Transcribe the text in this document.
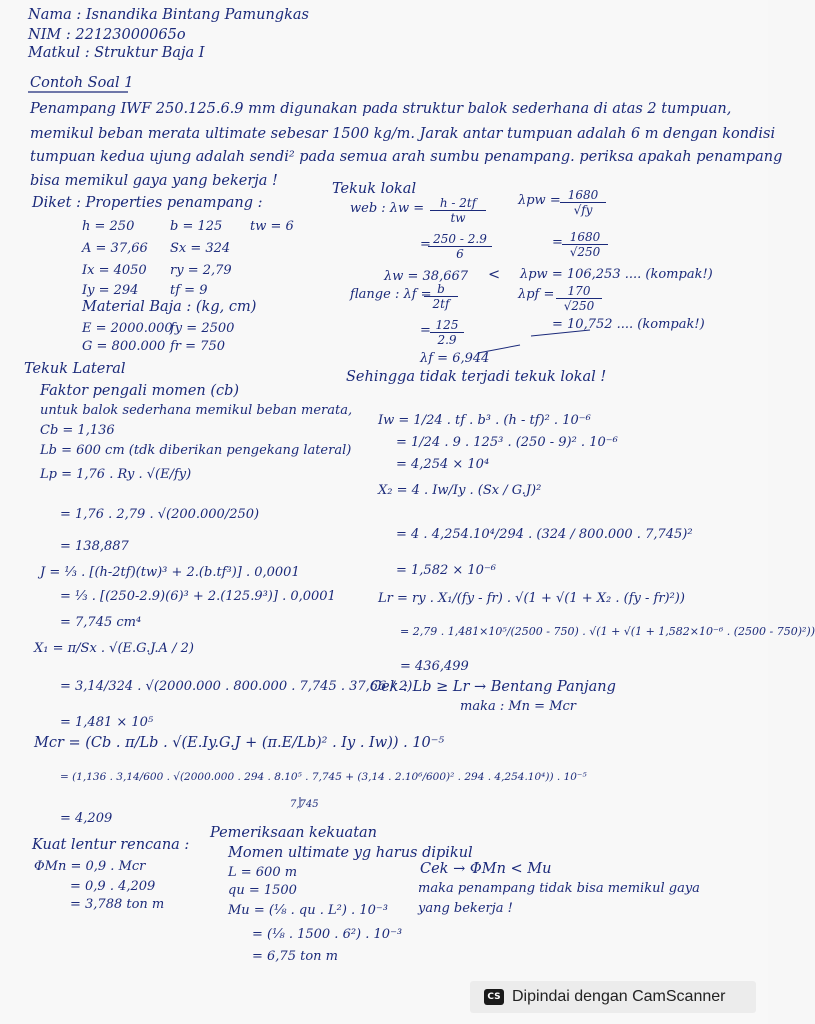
Nama : Isnandika Bintang Pamungkas
NIM : 22123000065o
Matkul : Struktur Baja I
Contoh Soal 1
Penampang IWF 250.125.6.9 mm digunakan pada struktur balok sederhana di atas 2 tumpuan,
memikul beban merata ultimate sebesar 1500 kg/m. Jarak antar tumpuan adalah 6 m dengan kondisi
tumpuan kedua ujung adalah sendi² pada semua arah sumbu penampang. periksa apakah penampang
bisa memikul gaya yang bekerja !
Diket : Properties penampang :
h = 250	b = 125 tw = 6
A = 37,66 Sx = 324
Ix = 4050 ry = 2,79
Iy = 294 tf = 9
Material Baja : (kg, cm)
E = 2000.000
fy = 2500
G = 800.000 fr = 750
Tekuk lokal
web : $\lambda w = \frac{h - 2tf}{tw}$
=
$\frac{250 - 2.9}{6}$
λw = 38,667 <
$\lambda pw = \frac{1680}{√fy}$
= $\frac{1680}{√250}$
λpw = 106,253 .... (kompak!)
flange : λf =
$\frac{b}{2tf}$
= $\frac{125}{2.9}$
λf = 6,944
$\lambda pf = \frac{170}{√250}$
= 10,752 .... (kompak!)
Sehingga tidak terjadi tekuk lokal !
Tekuk Lateral
Faktor pengali momen (cb)
untuk balok sederhana memikul beban merata,
Cb = 1,136
Lb = 600 cm (tdk diberikan pengekang lateral)
Lp = 1,76 . Ry . √(E/fy)
= 1,76 . 2,79 . √(200.000/250)
= 138,887
J = ⅓ . [(h-2tf)(tw)³ + 2.(b.tf³)] . 0,0001
= ⅓ . [(250-2.9)(6)³ + 2.(125.9³)] . 0,0001
= 7,745 cm⁴
X₁ = π/Sx . √(E.G.J.A / 2)
= 3,14/324 . √(2000.000 . 800.000 . 7,745 . 37,66 / 2)
= 1,481 × 10⁵
Iw = 1/24 . tf . b³ . (h - tf)² . 10⁻⁶
= 1/24 . 9 . 125³ . (250 - 9)² . 10⁻⁶
= 4,254 × 10⁴
X₂ = 4 . Iw/Iy . (Sx / G.J)²
= 4 . 4,254.10⁴/294 . (324 / 800.000 . 7,745)²
= 1,582 × 10⁻⁶
Lr = ry . X₁/(fy - fr) . √(1 + √(1 + X₂ . (fy - fr)²))
= 2,79 . 1,481×10⁵/(2500 - 750) . √(1 + √(1 + 1,582×10⁻⁶ . (2500 - 750)²))
= 436,499
Cek : Lb ≥ Lr → Bentang Panjang
maka : Mn = Mcr
Mcr = (Cb . π/Lb . √(E.Iy.G.J + (π.E/Lb)² . Iy . Iw)) . 10⁻⁵
= (1,136 . 3,14/600 . √(2000.000 . 294 . 8.10⁵ . 7,745 + (3,14 . 2.10⁶/600)² . 294 . 4,254.10⁴)) . 10⁻⁵
7,745
= 4,209
Kuat lentur rencana :
ΦMn = 0,9 . Mcr
= 0,9 . 4,209
= 3,788 ton m
Pemeriksaan kekuatan
Momen ultimate yg harus dipikul
L = 600 m
qu = 1500
Mu = (⅛ . qu . L²) . 10⁻³
= (⅛ . 1500 . 6²) . 10⁻³
= 6,75 ton m
Cek → ΦMn < Mu
maka penampang tidak bisa memikul gaya
yang bekerja !
CS Dipindai dengan CamScanner
